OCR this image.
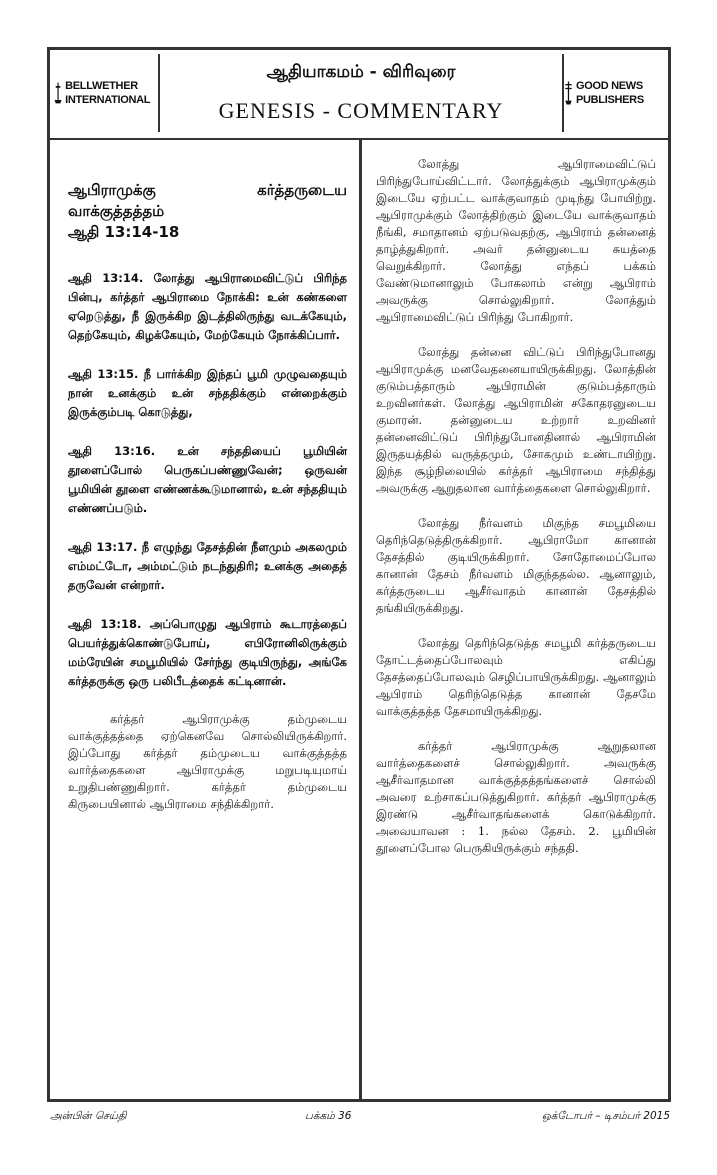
BELLWETHER INTERNATIONAL
ஆதியாகமம் - விரிவுரை
GENESIS - COMMENTARY
GOOD NEWS PUBLISHERS
ஆபிராமுக்கு கர்த்தருடைய
வாக்குத்தத்தம்
ஆதி 13:14-18
ஆதி 13:14. லோத்து ஆபிராமைவிட்டுப் பிரிந்த பின்பு, கர்த்தர் ஆபிராமை நோக்கி: உன் கண்களை ஏறெடுத்து, நீ இருக்கிற இடத்திலிருந்து வடக்கேயும், தெற்கேயும், கிழக்கேயும், மேற்கேயும் நோக்கிப்பார்.
ஆதி 13:15. நீ பார்க்கிற இந்தப் பூமி முழுவதையும் நான் உனக்கும் உன் சந்ததிக்கும் என்றைக்கும் இருக்கும்படி கொடுத்து,
ஆதி 13:16. உன் சந்ததியைப் பூமியின் தூளைப்போல் பெருகப்பண்ணுவேன்; ஒருவன் பூமியின் தூளை எண்ணக்கூடுமானால், உன் சந்ததியும் எண்ணப்படும்.
ஆதி 13:17. நீ எழுந்து தேசத்தின் நீளமும் அகலமும் எம்மட்டோ, அம்மட்டும் நடந்துதிரி; உனக்கு அதைத் தருவேன் என்றார்.
ஆதி 13:18. அப்பொழுது ஆபிராம் கூடாரத்தைப் பெயர்த்துக்கொண்டுபோய், எபிரோனிலிருக்கும் மம்ரேயின் சமபூமியில் சேர்ந்து குடியிருந்து, அங்கே கர்த்தருக்கு ஒரு பலிபீடத்தைக் கட்டினான்.

கர்த்தர் ஆபிராமுக்கு தம்முடைய வாக்குத்தத்தை ஏற்கெனவே சொல்லியிருக்கிறார். இப்போது கர்த்தர் தம்முடைய வாக்குத்தத்த வார்த்தைகளை ஆபிராமுக்கு மறுபடியுமாய் உறுதிபண்ணுகிறார். கர்த்தர் தம்முடைய கிருபையினால் ஆபிராமை சந்திக்கிறார்.

லோத்து ஆபிராமைவிட்டுப் பிரிந்துபோய்விட்டார். லோத்துக்கும் ஆபிராமுக்கும் இடையே ஏற்பட்ட வாக்குவாதம் முடிந்து போயிற்று. ஆபிராமுக்கும் லோத்திற்கும் இடையே வாக்குவாதம் நீங்கி, சமாதானம் ஏற்படுவதற்கு, ஆபிராம் தன்னைத் தாழ்த்துகிறார். அவர் தன்னுடைய சுயத்தை வெறுக்கிறார். லோத்து எந்தப் பக்கம் வேண்டுமானாலும் போகலாம் என்று ஆபிராம் அவருக்கு சொல்லுகிறார். லோத்தும் ஆபிராமைவிட்டுப் பிரிந்து போகிறார்.

லோத்து தன்னை விட்டுப் பிரிந்துபோனது ஆபிராமுக்கு மனவேதனையாயிருக்கிறது. லோத்தின் குடும்பத்தாரும் ஆபிராமின் குடும்பத்தாரும் உறவினர்கள். லோத்து ஆபிராமின் சகோதரனுடைய குமாரன். தன்னுடைய உற்றார் உறவினர் தன்னைவிட்டுப் பிரிந்துபோனதினால் ஆபிராமின் இருதயத்தில் வருத்தமும், சோகமும் உண்டாயிற்று. இந்த சூழ்நிலையில் கர்த்தர் ஆபிராமை சந்தித்து அவருக்கு ஆறுதலான வார்த்தைகளை சொல்லுகிறார்.

லோத்து நீர்வளம் மிகுந்த சமபூமியை தெரிந்தெடுத்திருக்கிறார். ஆபிராமோ கானான் தேசத்தில் குடியிருக்கிறார். சோதோமைப்போல கானான் தேசம் நீர்வளம் மிகுந்ததல்ல. ஆனாலும், கர்த்தருடைய ஆசீர்வாதம் கானான் தேசத்தில் தங்கியிருக்கிறது.

லோத்து தெரிந்தெடுத்த சமபூமி கர்த்தருடைய தோட்டத்தைப்போலவும் எகிப்து தேசத்தைப்போலவும் செழிப்பாயிருக்கிறது. ஆனாலும் ஆபிராம் தெரிந்தெடுத்த கானான் தேசமே வாக்குத்தத்த தேசமாயிருக்கிறது.

கர்த்தர் ஆபிராமுக்கு ஆறுதலான வார்த்தைகளைச் சொல்லுகிறார். அவருக்கு ஆசீர்வாதமான வாக்குத்தத்தங்களைச் சொல்லி அவரை உற்சாகப்படுத்துகிறார். கர்த்தர் ஆபிராமுக்கு இரண்டு ஆசீர்வாதங்களைக் கொடுக்கிறார். அவையாவன : 1. நல்ல தேசம். 2. பூமியின் தூளைப்போல பெருகியிருக்கும் சந்ததி.

அன்பின் செய்தி	பக்கம் 36	ஒக்டோபர் – டிசம்பர் 2015
